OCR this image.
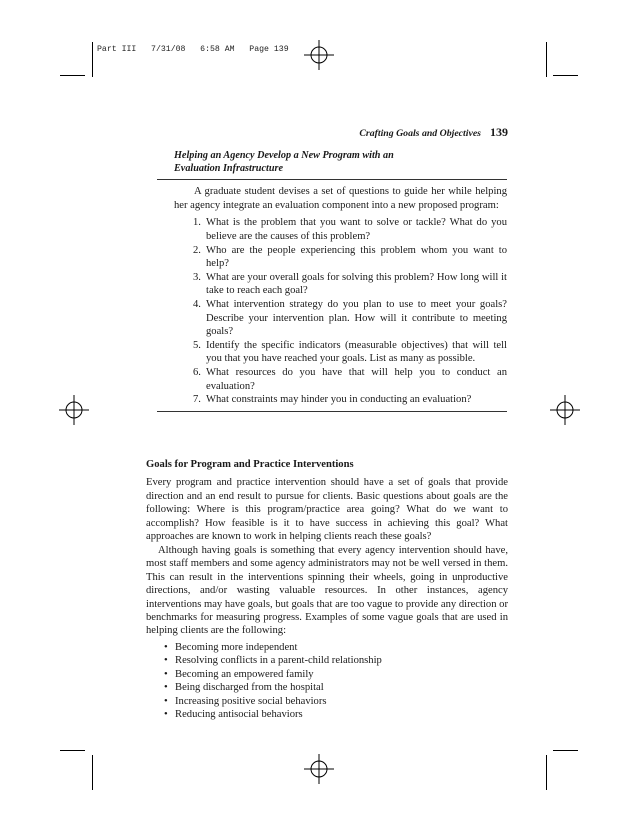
Part III   7/31/08   6:58 AM   Page 139
Crafting Goals and Objectives 139
Helping an Agency Develop a New Program with an
Evaluation Infrastructure

A graduate student devises a set of questions to guide her while helping her agency integrate an evaluation component into a new proposed program:

1. What is the problem that you want to solve or tackle? What do you believe are the causes of this problem?
2. Who are the people experiencing this problem whom you want to help?
3. What are your overall goals for solving this problem? How long will it take to reach each goal?
4. What intervention strategy do you plan to use to meet your goals? Describe your intervention plan. How will it contribute to meeting goals?
5. Identify the specific indicators (measurable objectives) that will tell you that you have reached your goals. List as many as possible.
6. What resources do you have that will help you to conduct an evaluation?
7. What constraints may hinder you in conducting an evaluation?
Goals for Program and Practice Interventions

Every program and practice intervention should have a set of goals that provide direction and an end result to pursue for clients. Basic questions about goals are the following: Where is this program/practice area going? What do we want to accomplish? How feasible is it to have success in achieving this goal? What approaches are known to work in helping clients reach these goals?

Although having goals is something that every agency intervention should have, most staff members and some agency administrators may not be well versed in them. This can result in the interventions spinning their wheels, going in unproductive directions, and/or wasting valuable resources. In other instances, agency interventions may have goals, but goals that are too vague to provide any direction or benchmarks for measuring progress. Examples of some vague goals that are used in helping clients are the following:

• Becoming more independent
• Resolving conflicts in a parent-child relationship
• Becoming an empowered family
• Being discharged from the hospital
• Increasing positive social behaviors
• Reducing antisocial behaviors
